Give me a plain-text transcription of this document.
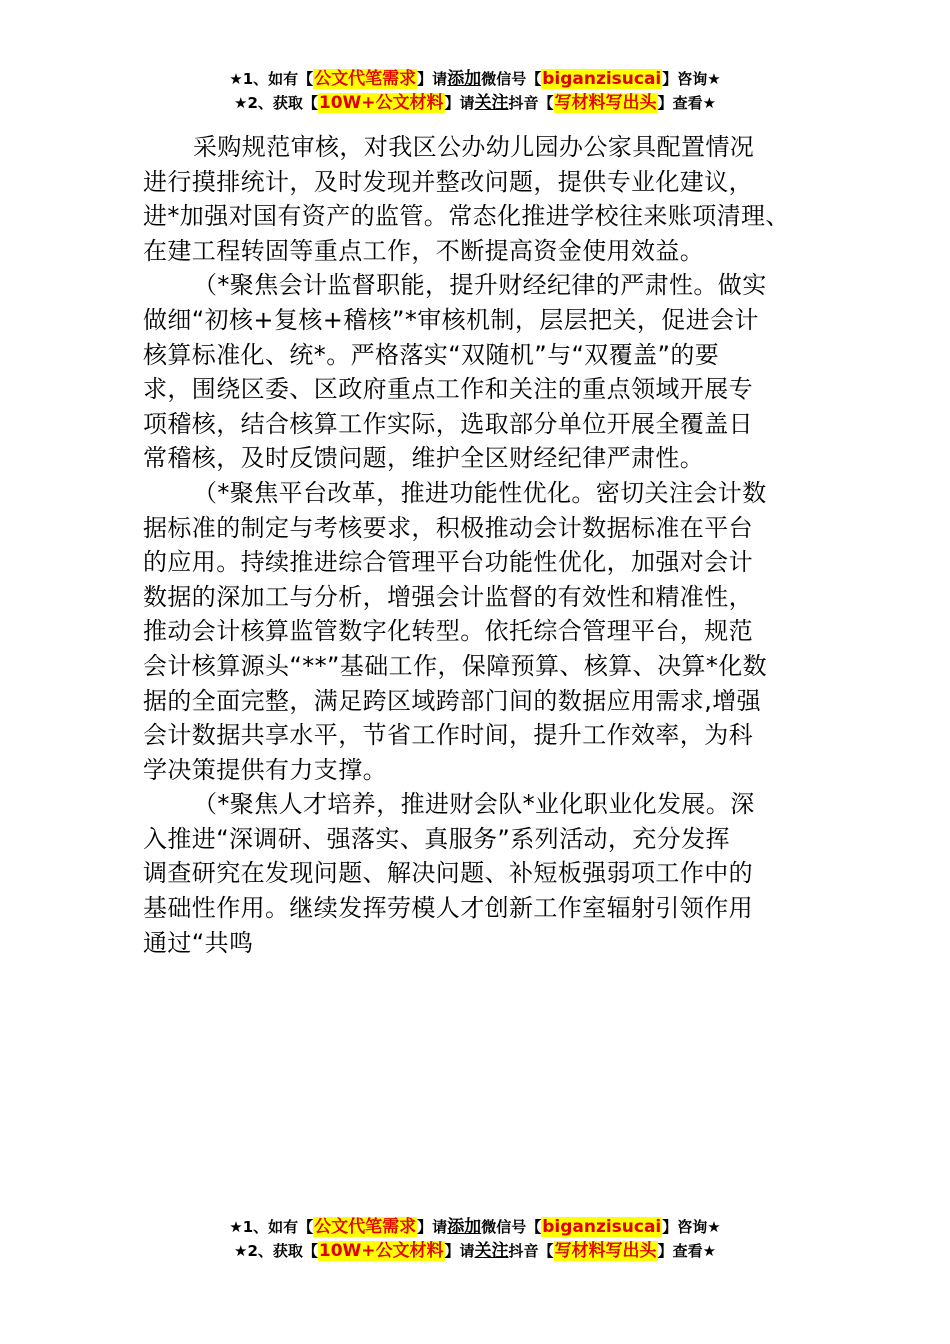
★1、如有【公文代笔需求】请添加微信号【biganzisucai】咨询★
★2、获取【10W+公文材料】请关注抖音【写材料写出头】查看★

采购规范审核，对我区公办幼儿园办公家具配置情况
进行摸排统计，及时发现并整改问题，提供专业化建议，
进*加强对国有资产的监管。常态化推进学校往来账项清理、
在建工程转固等重点工作，不断提高资金使用效益。

（*聚焦会计监督职能，提升财经纪律的严肃性。做实
做细“初核+复核+稽核”*审核机制，层层把关，促进会计
核算标准化、统*。严格落实“双随机”与“双覆盖”的要
求，围绕区委、区政府重点工作和关注的重点领域开展专
项稽核，结合核算工作实际，选取部分单位开展全覆盖日
常稽核，及时反馈问题，维护全区财经纪律严肃性。

（*聚焦平台改革，推进功能性优化。密切关注会计数
据标准的制定与考核要求，积极推动会计数据标准在平台
的应用。持续推进综合管理平台功能性优化，加强对会计
数据的深加工与分析，增强会计监督的有效性和精准性，
推动会计核算监管数字化转型。依托综合管理平台，规范
会计核算源头“**”基础工作，保障预算、核算、决算*化数
据的全面完整，满足跨区域跨部门间的数据应用需求,增强
会计数据共享水平，节省工作时间，提升工作效率，为科
学决策提供有力支撑。

（*聚焦人才培养，推进财会队*业化职业化发展。深
入推进“深调研、强落实、真服务”系列活动，充分发挥
调查研究在发现问题、解决问题、补短板强弱项工作中的
基础性作用。继续发挥劳模人才创新工作室辐射引领作用
通过“共鸣

★1、如有【公文代笔需求】请添加微信号【biganzisucai】咨询★
★2、获取【10W+公文材料】请关注抖音【写材料写出头】查看★
